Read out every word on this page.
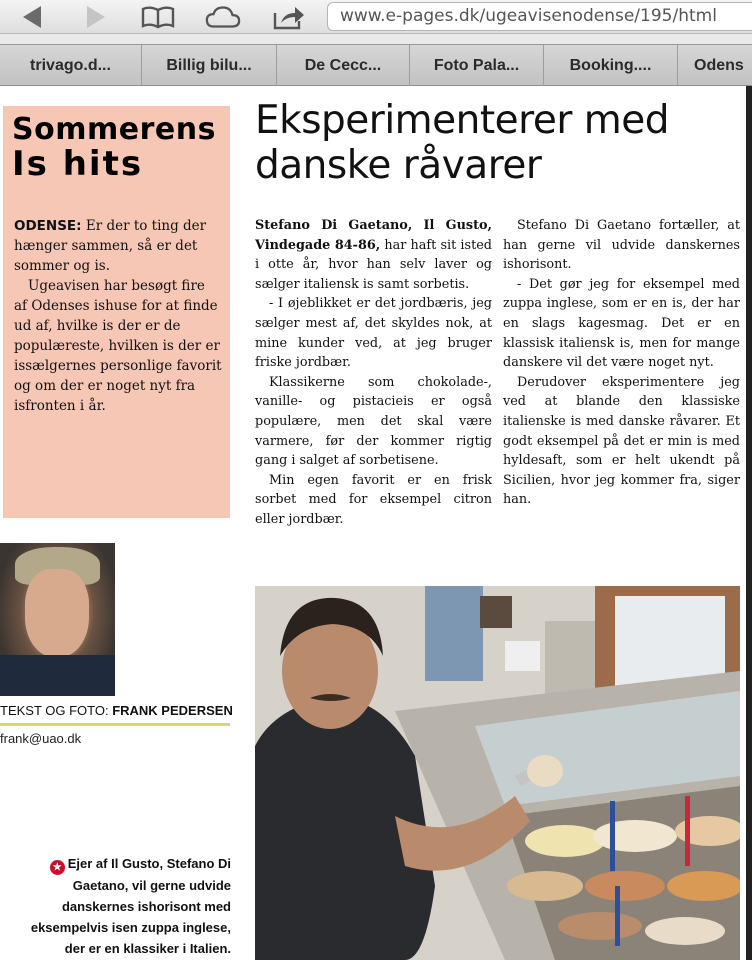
www.e-pages.dk/ugeavisenodense/195/html
trivago.d...	Billig bilu...	De Cecc...	Foto Pala...	Booking....	Odens
Sommerens
Is hits

ODENSE: Er der to ting der hænger sammen, så er det sommer og is.

Ugeavisen har besøgt fire af Odenses ishuse for at finde ud af, hvilke is der er de populæreste, hvilken is der er issælgernes personlige favorit og om der er noget nyt fra isfronten i år.

TEKST OG FOTO: FRANK PEDERSEN
frank@uao.dk
★ Ejer af Il Gusto, Stefano Di Gaetano, vil gerne udvide danskernes ishorisont med eksempelvis isen zuppa inglese, der er en klassiker i Italien.
Eksperimenterer med danske råvarer

Stefano Di Gaetano, Il Gusto, Vindegade 84-86, har haft sit isted i otte år, hvor han selv laver og sælger italiensk is samt sorbetis.

- I øjeblikket er det jordbæris, jeg sælger mest af, det skyldes nok, at mine kunder ved, at jeg bruger friske jordbær.

Klassikerne som chokolade-, vanille- og pistacieis er også populære, men det skal være varmere, før der kommer rigtig gang i salget af sorbetisene.

Min egen favorit er en frisk sorbet med for eksempel citron eller jordbær.

Stefano Di Gaetano fortæller, at han gerne vil udvide danskernes ishorisont.

- Det gør jeg for eksempel med zuppa inglese, som er en is, der har en slags kagesmag. Det er en klassisk italiensk is, men for mange danskere vil det være noget nyt.

Derudover eksperimentere jeg ved at blande den klassiske italienske is med danske råvarer. Et godt eksempel på det er min is med hyldesaft, som er helt ukendt på Sicilien, hvor jeg kommer fra, siger han.
